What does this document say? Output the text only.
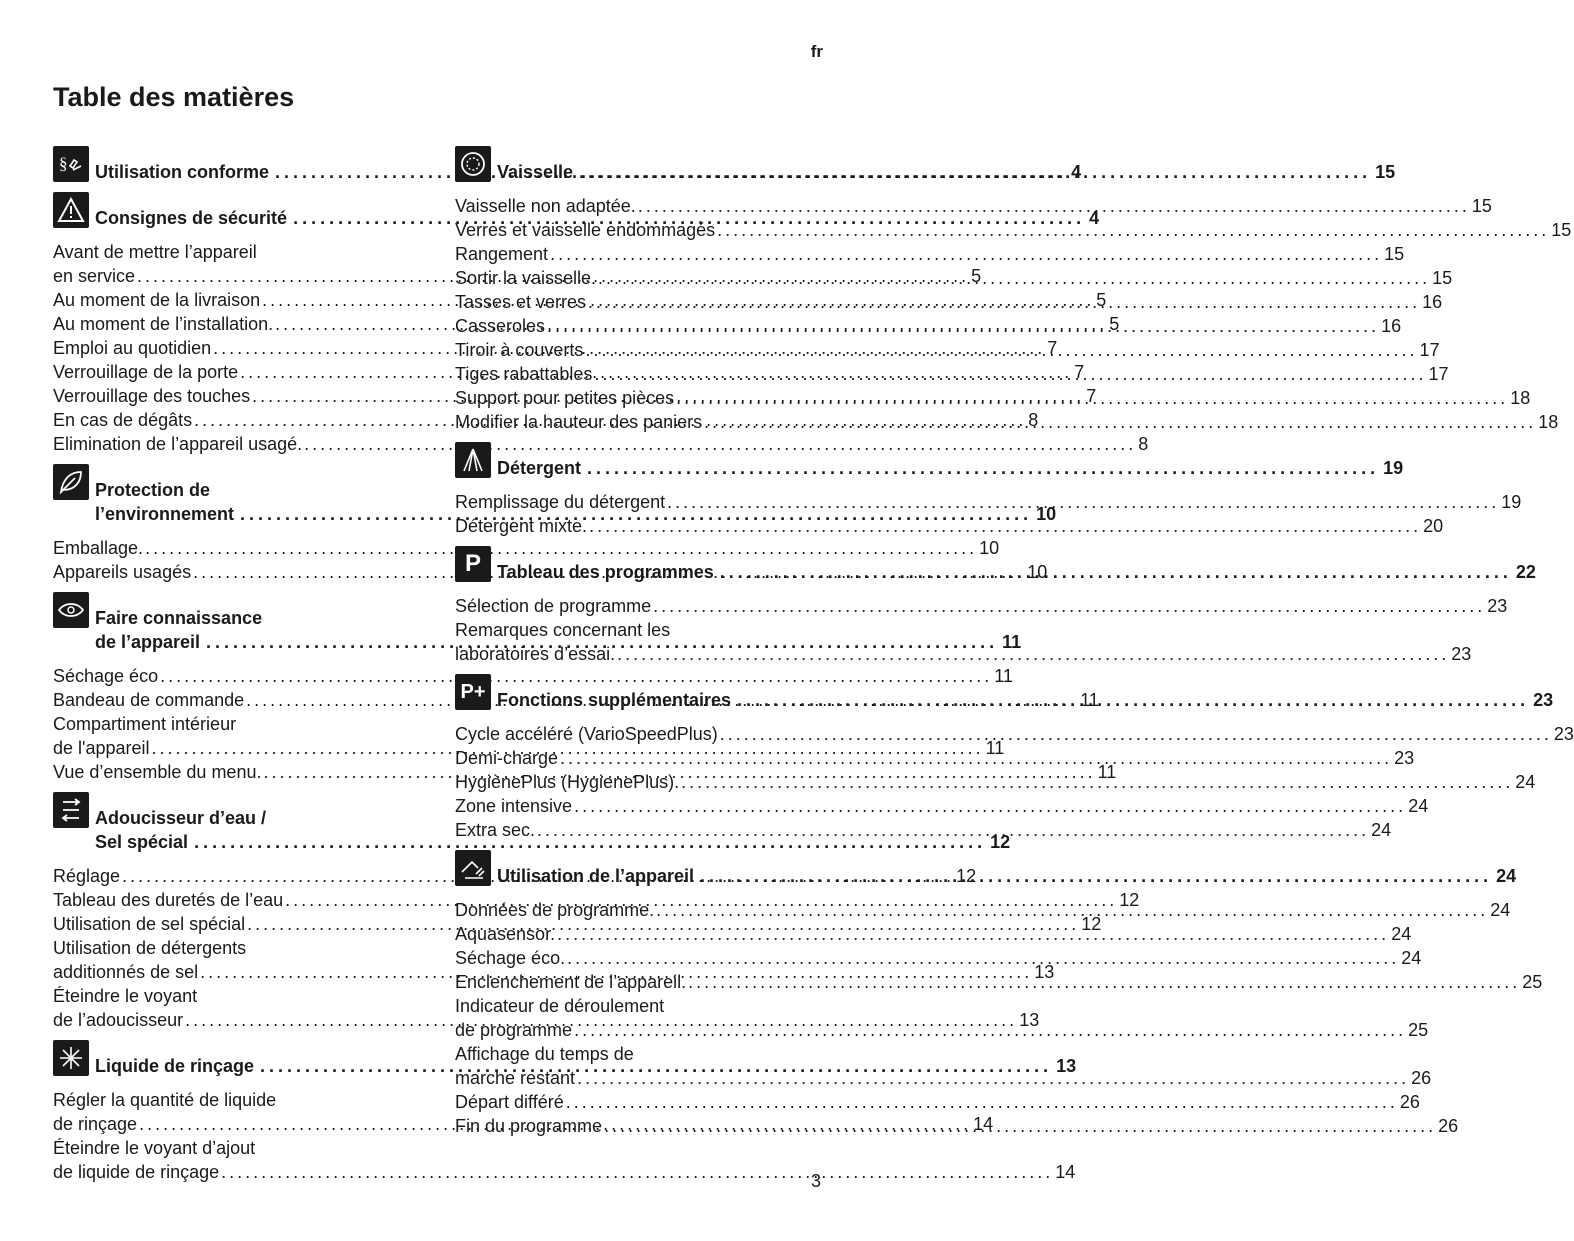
fr
Table des matières
§ Utilisation conforme .....	4
Consignes de sécurité .....	4
Avant de mettre l’appareil
en service .....	5
Au moment de la livraison .....	5
Au moment de l’installation. .....	5
Emploi au quotidien .....	7
Verrouillage de la porte .....	7
Verrouillage des touches .....	7
En cas de dégâts .....	8
Elimination de l’appareil usagé. .....	8
Protection de
l’environnement .....	10
Emballage. .....	10
Appareils usagés .....	10
Faire connaissance
de l’appareil .....	11
Séchage éco .....	11
Bandeau de commande .....	11
Compartiment intérieur
de l'appareil .....	11
Vue d’ensemble du menu. .....	11
Adoucisseur d’eau /
Sel spécial .....	12
Réglage .....	12
Tableau des duretés de l’eau .....	12
Utilisation de sel spécial .....	12
Utilisation de détergents
additionnés de sel .....	13
Éteindre le voyant
de l’adoucisseur .....	13
Liquide de rinçage .....	13
Régler la quantité de liquide
de rinçage .....	14
Éteindre le voyant d’ajout
de liquide de rinçage .....	14
Vaisselle .....	15
Vaisselle non adaptée. .....	15
Verres et vaisselle endommagés .....	15
Rangement .....	15
Sortir la vaisselle. .....	15
Tasses et verres .....	16
Casseroles .....	16
Tiroir à couverts .....	17
Tiges rabattables .....	17
Support pour petites pièces .....	18
Modifier la hauteur des paniers .....	18
Détergent .....	19
Remplissage du détergent .....	19
Détergent mixte. .....	20
P Tableau des programmes .....	22
Sélection de programme .....	23
Remarques concernant les
laboratoires d’essai. .....	23
P+ Fonctions supplémentaires .....	23
Cycle accéléré (VarioSpeedPlus) .....	23
Demi-charge .....	23
HygiènePlus (HygienePlus). .....	24
Zone intensive .....	24
Extra sec. .....	24
Utilisation de l’appareil .....	24
Données de programme. .....	24
Aquasensor. .....	24
Séchage éco. .....	24
Enclenchement de l’appareil. .....	25
Indicateur de déroulement
de programme .....	25
Affichage du temps de
marche restant .....	26
Départ différé .....	26
Fin du programme .....	26
3
